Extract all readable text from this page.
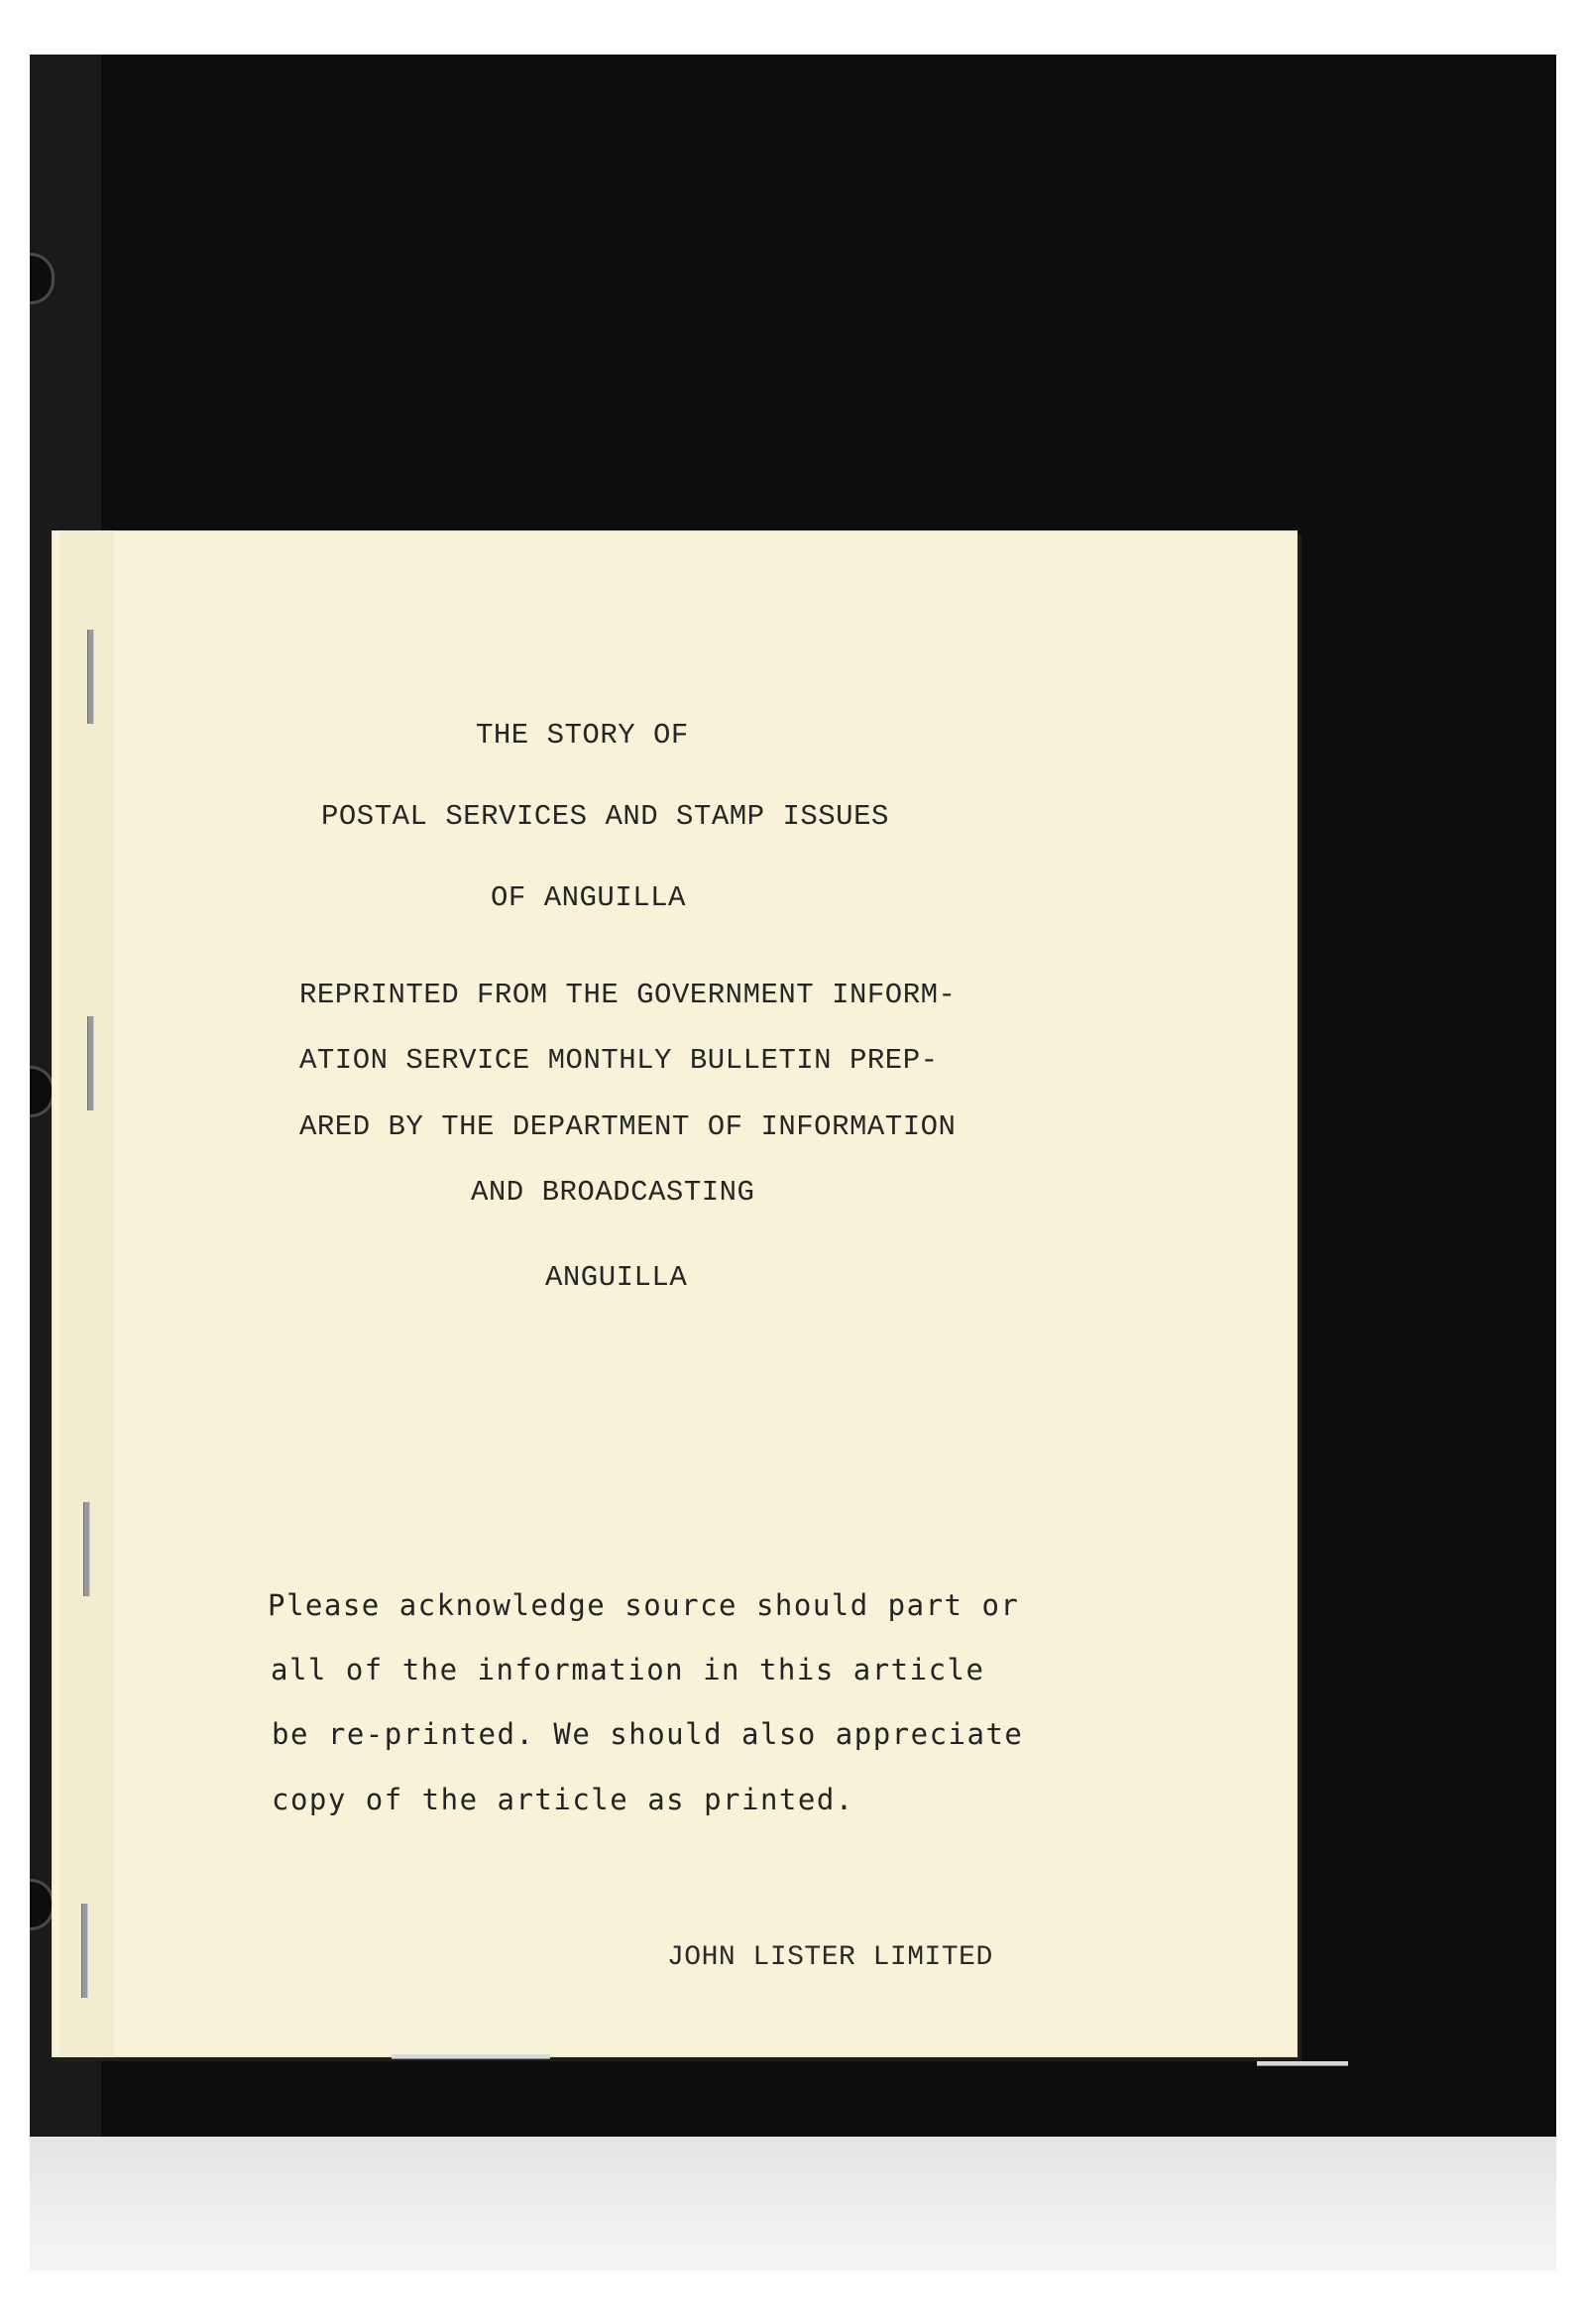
THE STORY OF

POSTAL SERVICES AND STAMP ISSUES

OF ANGUILLA

REPRINTED FROM THE GOVERNMENT INFORM-

ATION SERVICE MONTHLY BULLETIN PREP-

ARED BY THE DEPARTMENT OF INFORMATION

AND BROADCASTING

ANGUILLA

Please acknowledge source should part or

all of the information in this article

be re-printed. We should also appreciate

copy of the article as printed.

JOHN LISTER LIMITED
